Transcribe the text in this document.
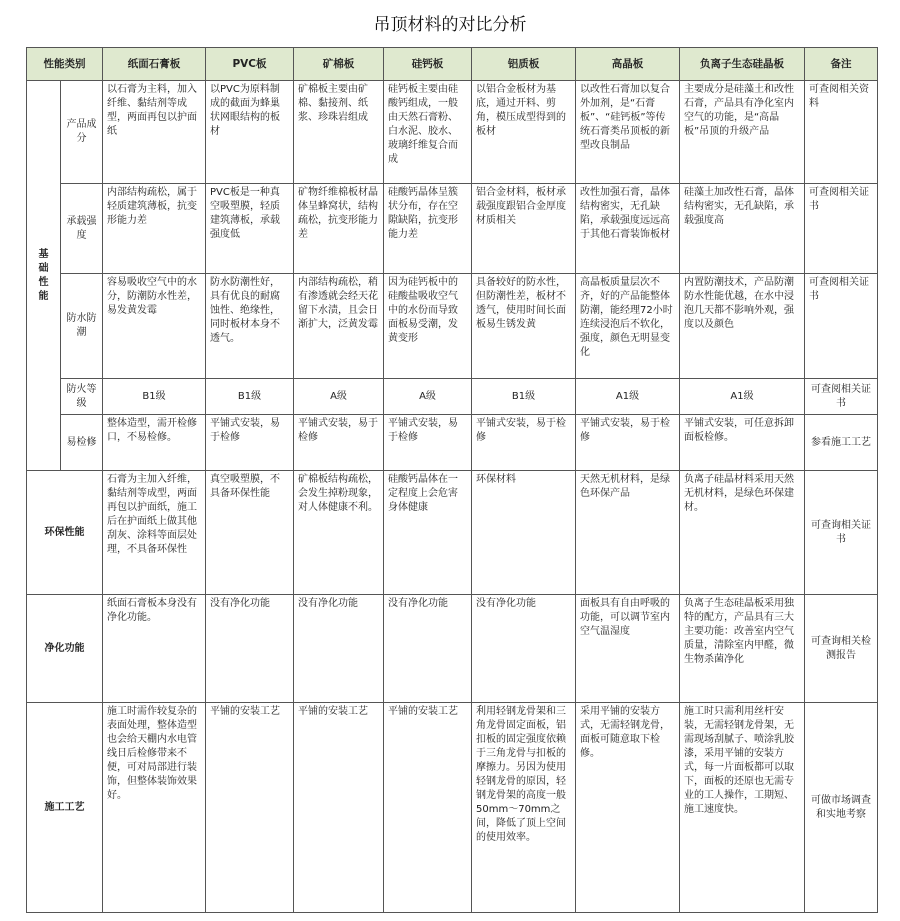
吊顶材料的对比分析
性能类别		纸面石膏板	PVC板	矿棉板	硅钙板	铝质板	高晶板	负离子生态硅晶板	备注
基
础
性
能	产品成分	以石膏为主料，加入纤维、黏结剂等成型，两面再包以护面纸	以PVC为原料制成的截面为蜂巢状网眼结构的板材	矿棉板主要由矿棉、黏接剂、纸浆、珍珠岩组成	硅钙板主要由硅酸钙组成，一般由天然石膏粉、白水泥、胶水、玻璃纤维复合而成	以铝合金板材为基底，通过开料、剪角，模压成型得到的板材	以改性石膏加以复合外加剂，是“石膏板”、“硅钙板”等传统石膏类吊顶板的新型改良制品	主要成分是硅藻土和改性石膏，产品具有净化室内空气的功能，是“高晶板”吊顶的升级产品	可查阅相关资料
	承载强度	内部结构疏松，属于轻质建筑薄板，抗变形能力差	PVC板是一种真空吸塑膜，轻质建筑薄板，承载强度低	矿物纤维棉板材晶体呈蜂窝状，结构疏松，抗变形能力差	硅酸钙晶体呈簇状分布，存在空隙缺陷，抗变形能力差	铝合金材料，板材承载强度跟铝合金厚度材质相关	改性加强石膏，晶体结构密实，无孔缺陷，承载强度远远高于其他石膏装饰板材	硅藻土加改性石膏，晶体结构密实，无孔缺陷，承载强度高	可查阅相关证书
	防水防潮	容易吸收空气中的水分，防潮防水性差，易发黄发霉	防水防潮性好，具有优良的耐腐蚀性、绝缘性，同时板材本身不透气。	内部结构疏松，稍有渗透就会经天花留下水渍，且会日渐扩大，泛黄发霉	因为硅钙板中的硅酸盐吸收空气中的水份而导致面板易受潮，发黄变形	具备较好的防水性，但防潮性差，板材不透气，使用时间长面板易生锈发黄	高晶板质量层次不齐，好的产品能整体防潮，能经理72小时连续浸泡后不软化，强度，颜色无明显变化	内置防潮技术，产品防潮防水性能优越，在水中浸泡几天都不影响外观，强度以及颜色	可查阅相关证书
	防火等级	B1级	B1级	A级	A级	B1级	A1级	A1级	可查阅相关证书
	易检修	整体造型，需开检修口，不易检修。	平铺式安装，易于检修	平铺式安装，易于检修	平铺式安装，易于检修	平铺式安装，易于检修	平铺式安装，易于检修	平铺式安装，可任意拆卸面板检修。	参看施工工艺
环保性能		石膏为主加入纤维，黏结剂等成型，两面再包以护面纸，施工后在护面纸上做其他刮灰、涂料等面层处理，不具备环保性	真空吸塑膜，不具备环保性能	矿棉板结构疏松，会发生掉粉现象，对人体健康不利。	硅酸钙晶体在一定程度上会危害身体健康	环保材料	天然无机材料，是绿色环保产品	负离子硅晶材料采用天然无机材料，是绿色环保建材。	可查询相关证书
净化功能		纸面石膏板本身没有净化功能。	没有净化功能	没有净化功能	没有净化功能	没有净化功能	面板具有自由呼吸的功能，可以调节室内空气温湿度	负离子生态硅晶板采用独特的配方，产品具有三大主要功能：改善室内空气质量，清除室内甲醛，微生物杀菌净化	可查询相关检测报告
施工工艺		施工时需作较复杂的表面处理，整体造型也会给天棚内水电管线日后检修带来不便，可对局部进行装饰，但整体装饰效果好。	平铺的安装工艺	平铺的安装工艺	平铺的安装工艺	利用轻钢龙骨架和三角龙骨固定面板，铝扣板的固定强度依赖于三角龙骨与扣板的摩擦力。另因为使用轻钢龙骨的原因，轻钢龙骨架的高度一般50mm～70mm之间，降低了顶上空间的使用效率。	采用平铺的安装方式，无需轻钢龙骨，面板可随意取下检修。	施工时只需利用丝杆安装，无需轻钢龙骨架，无需现场刮腻子、喷涂乳胶漆，采用平铺的安装方式，每一片面板都可以取下，面板的还原也无需专业的工人操作，工期短、施工速度快。	可做市场调查和实地考察
